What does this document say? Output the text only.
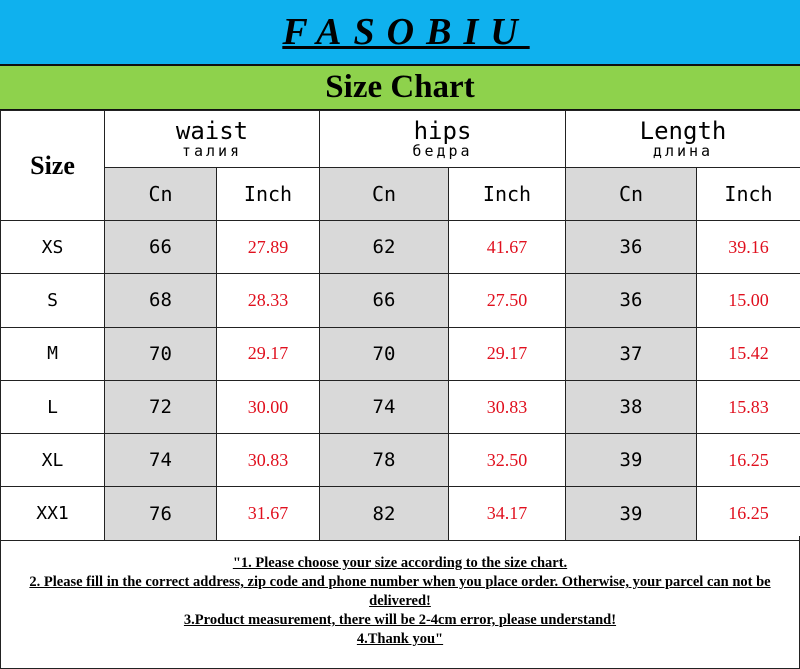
FASOBIU
Size Chart
Size	waist
талия		hips
бедра		Length
длина	

	Cn	Inch	Cn	Inch	Cn	Inch
XS	66	27.89	62	41.67	36	39.16
S	68	28.33	66	27.50	36	15.00
M	70	29.17	70	29.17	37	15.42
L	72	30.00	74	30.83	38	15.83
XL	74	30.83	78	32.50	39	16.25
XX1	76	31.67	82	34.17	39	16.25
"1. Please choose your size according to the size chart.
2. Please fill in the correct address, zip code and phone number when you place order. Otherwise, your parcel can not be delivered!
3.Product measurement, there will be 2-4cm error, please understand!
4.Thank you"
